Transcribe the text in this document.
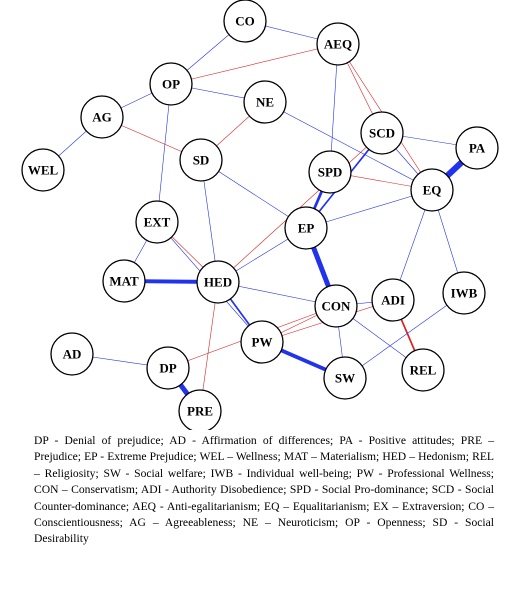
CO
AEQ
OP
NE
AG
SCD
PA
WEL
SD
SPD
EQ
EXT	EP
MAT	HED
IWB
ADI
CON
AD
PW
DP	REL
SW
PRE

DP - Denial of prejudice; AD - Affirmation of differences; PA - Positive attitudes; PRE – Prejudice; EP - Extreme Prejudice; WEL – Wellness; MAT – Materialism; HED – Hedonism; REL – Religiosity; SW - Social welfare; IWB - Individual well-being; PW - Professional Wellness; CON – Conservatism; ADI - Authority Disobedience; SPD - Social Pro-dominance; SCD - Social Counter-dominance; AEQ - Anti-egalitarianism; EQ – Equalitarianism; EX – Extraversion; CO – Conscientiousness; AG – Agreeableness; NE – Neuroticism; OP - Openness; SD - Social Desirability
